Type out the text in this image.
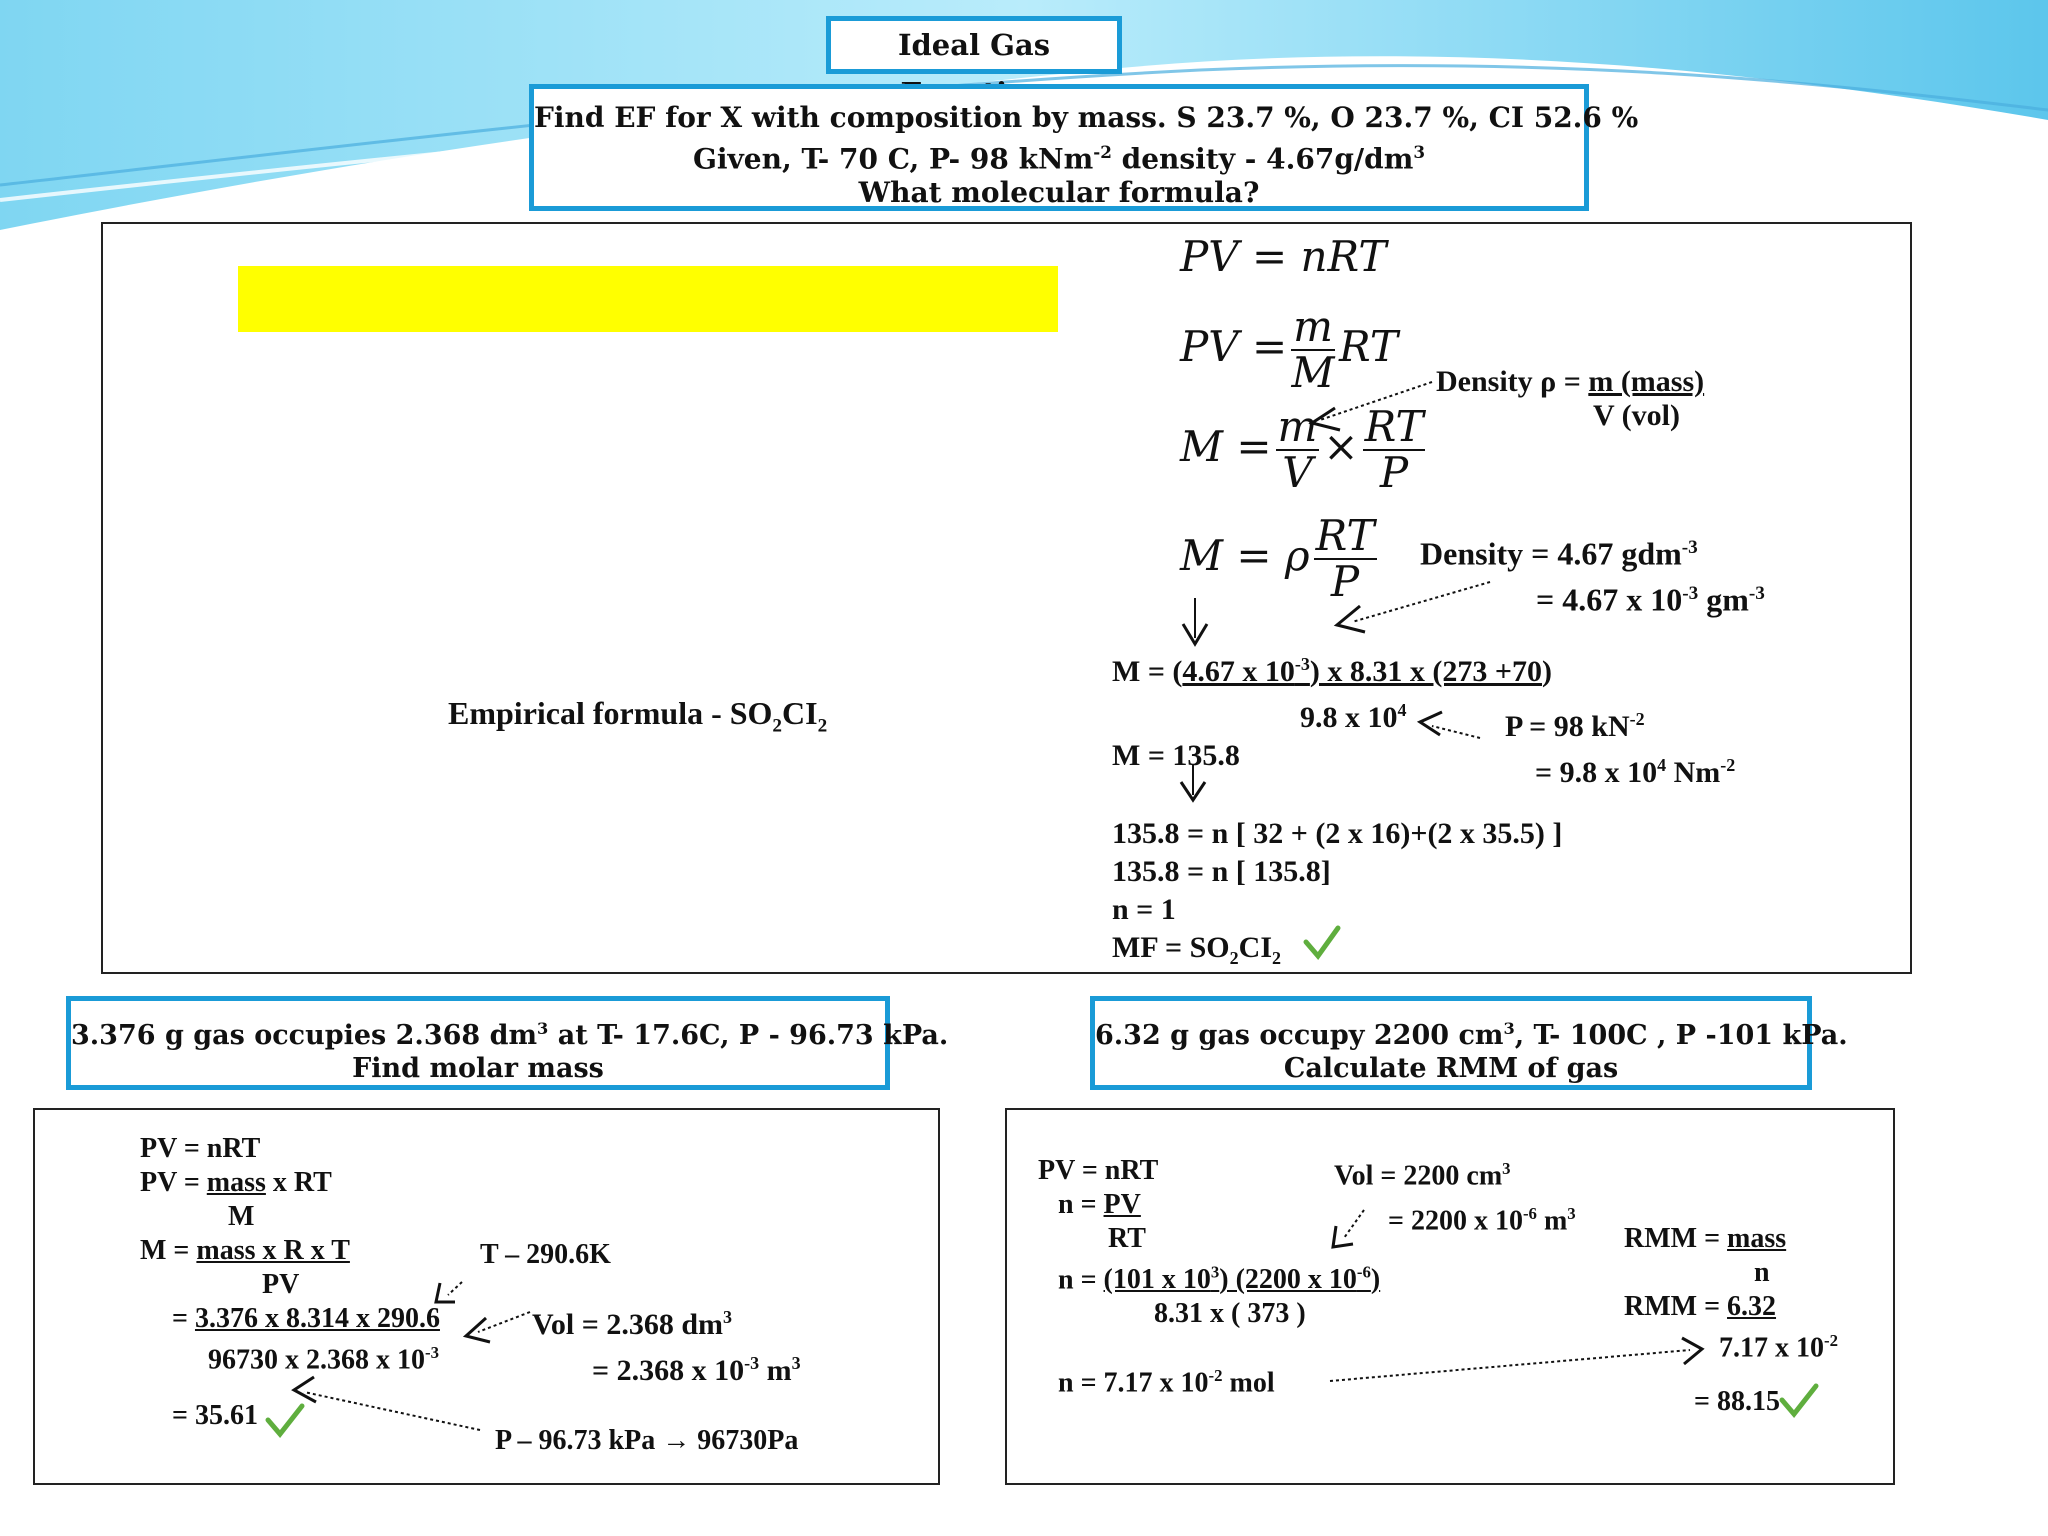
Ideal Gas
Find EF for X with composition by mass. S 23.7 %, O 23.7 %, CI 52.6 %
Given, T- 70 C, P- 98 kNm$^{-2}$ density - $4.67g/dm^3$
What molecular formula?
Empirical formula - $SO_2CI_2$
PV = nRT
PV = $\frac{m}{M}$ RT
$M = \frac{m}{V} \times \frac{RT}{P}$
M = ρ $\frac{RT}{P}$
Density ρ = m (mass)
V (vol)
Density = 4.67 gdm$^{-3}$
= 4.67 x $10^{-3}$ $gm^{-3}$
M = (4.67 x $10^{-3}$) x 8.31 x (273 +70)
9.8 x $10^4$
M = 135.8
P = 98 $kN^{-2}$
= 9.8 x $10^4$ $Nm^{-2}$
135.8 = n [ 32 + (2 x 16)+(2 x 35.5) ]
135.8 = n [ 135.8]
n = 1
MF = $SO_2CI_2$
3.376 g gas occupies 2.368 $dm^3$ at T- 17.6C, P - 96.73 kPa.
Find molar mass
PV = nRT
PV = mass x RT
M
M = mass x R x T
PV
= 3.376 x 8.314 x 290.6
96730 x 2.368 x $10^{-3}$
= 35.61
T – 290.6K
Vol = 2.368 $dm^3$
= 2.368 x $10^{-3}$ $m^3$
P – 96.73 kPa → 96730Pa
6.32 g gas occupy 2200 $cm^3$, T- 100C , P -101 kPa.
Calculate RMM of gas
PV = nRT
n = PV
RT
n = (101 x $10^3$) (2200 x $10^{-6}$)
8.31 x ( 373 )
n = 7.17 x $10^{-2}$ mol
Vol = 2200 $cm^3$
= 2200 x $10^{-6}$ $m^3$
RMM = mass
n
RMM = 6.32
7.17 x $10^{-2}$
= 88.15
